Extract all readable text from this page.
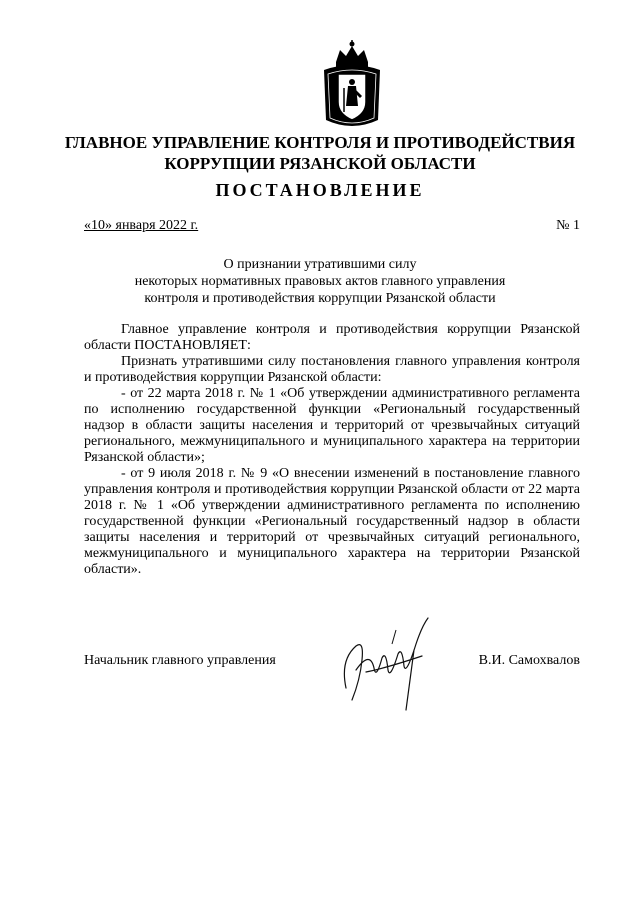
ГЛАВНОЕ УПРАВЛЕНИЕ КОНТРОЛЯ И ПРОТИВОДЕЙСТВИЯ
КОРРУПЦИИ РЯЗАНСКОЙ ОБЛАСТИ
ПОСТАНОВЛЕНИЕ
«10» января 2022 г.	№ 1
О признании утратившими силу
некоторых нормативных правовых актов главного управления
контроля и противодействия коррупции Рязанской области

Главное управление контроля и противодействия коррупции Рязанской области ПОСТАНОВЛЯЕТ:

Признать утратившими силу постановления главного управления контроля и противодействия коррупции Рязанской области:

- от 22 марта 2018 г. № 1 «Об утверждении административного регламента по исполнению государственной функции «Региональный государственный надзор в области защиты населения и территорий от чрезвычайных ситуаций регионального, межмуниципального и муниципального характера на территории Рязанской области»;

- от 9 июля 2018 г. № 9 «О внесении изменений в постановление главного управления контроля и противодействия коррупции Рязанской области от 22 марта 2018 г. № 1 «Об утверждении административного регламента по исполнению государственной функции «Региональный государственный надзор в области защиты населения и территорий от чрезвычайных ситуаций регионального, межмуниципального и муниципального характера на территории Рязанской области».

Начальник главного управления	В.И. Самохвалов
